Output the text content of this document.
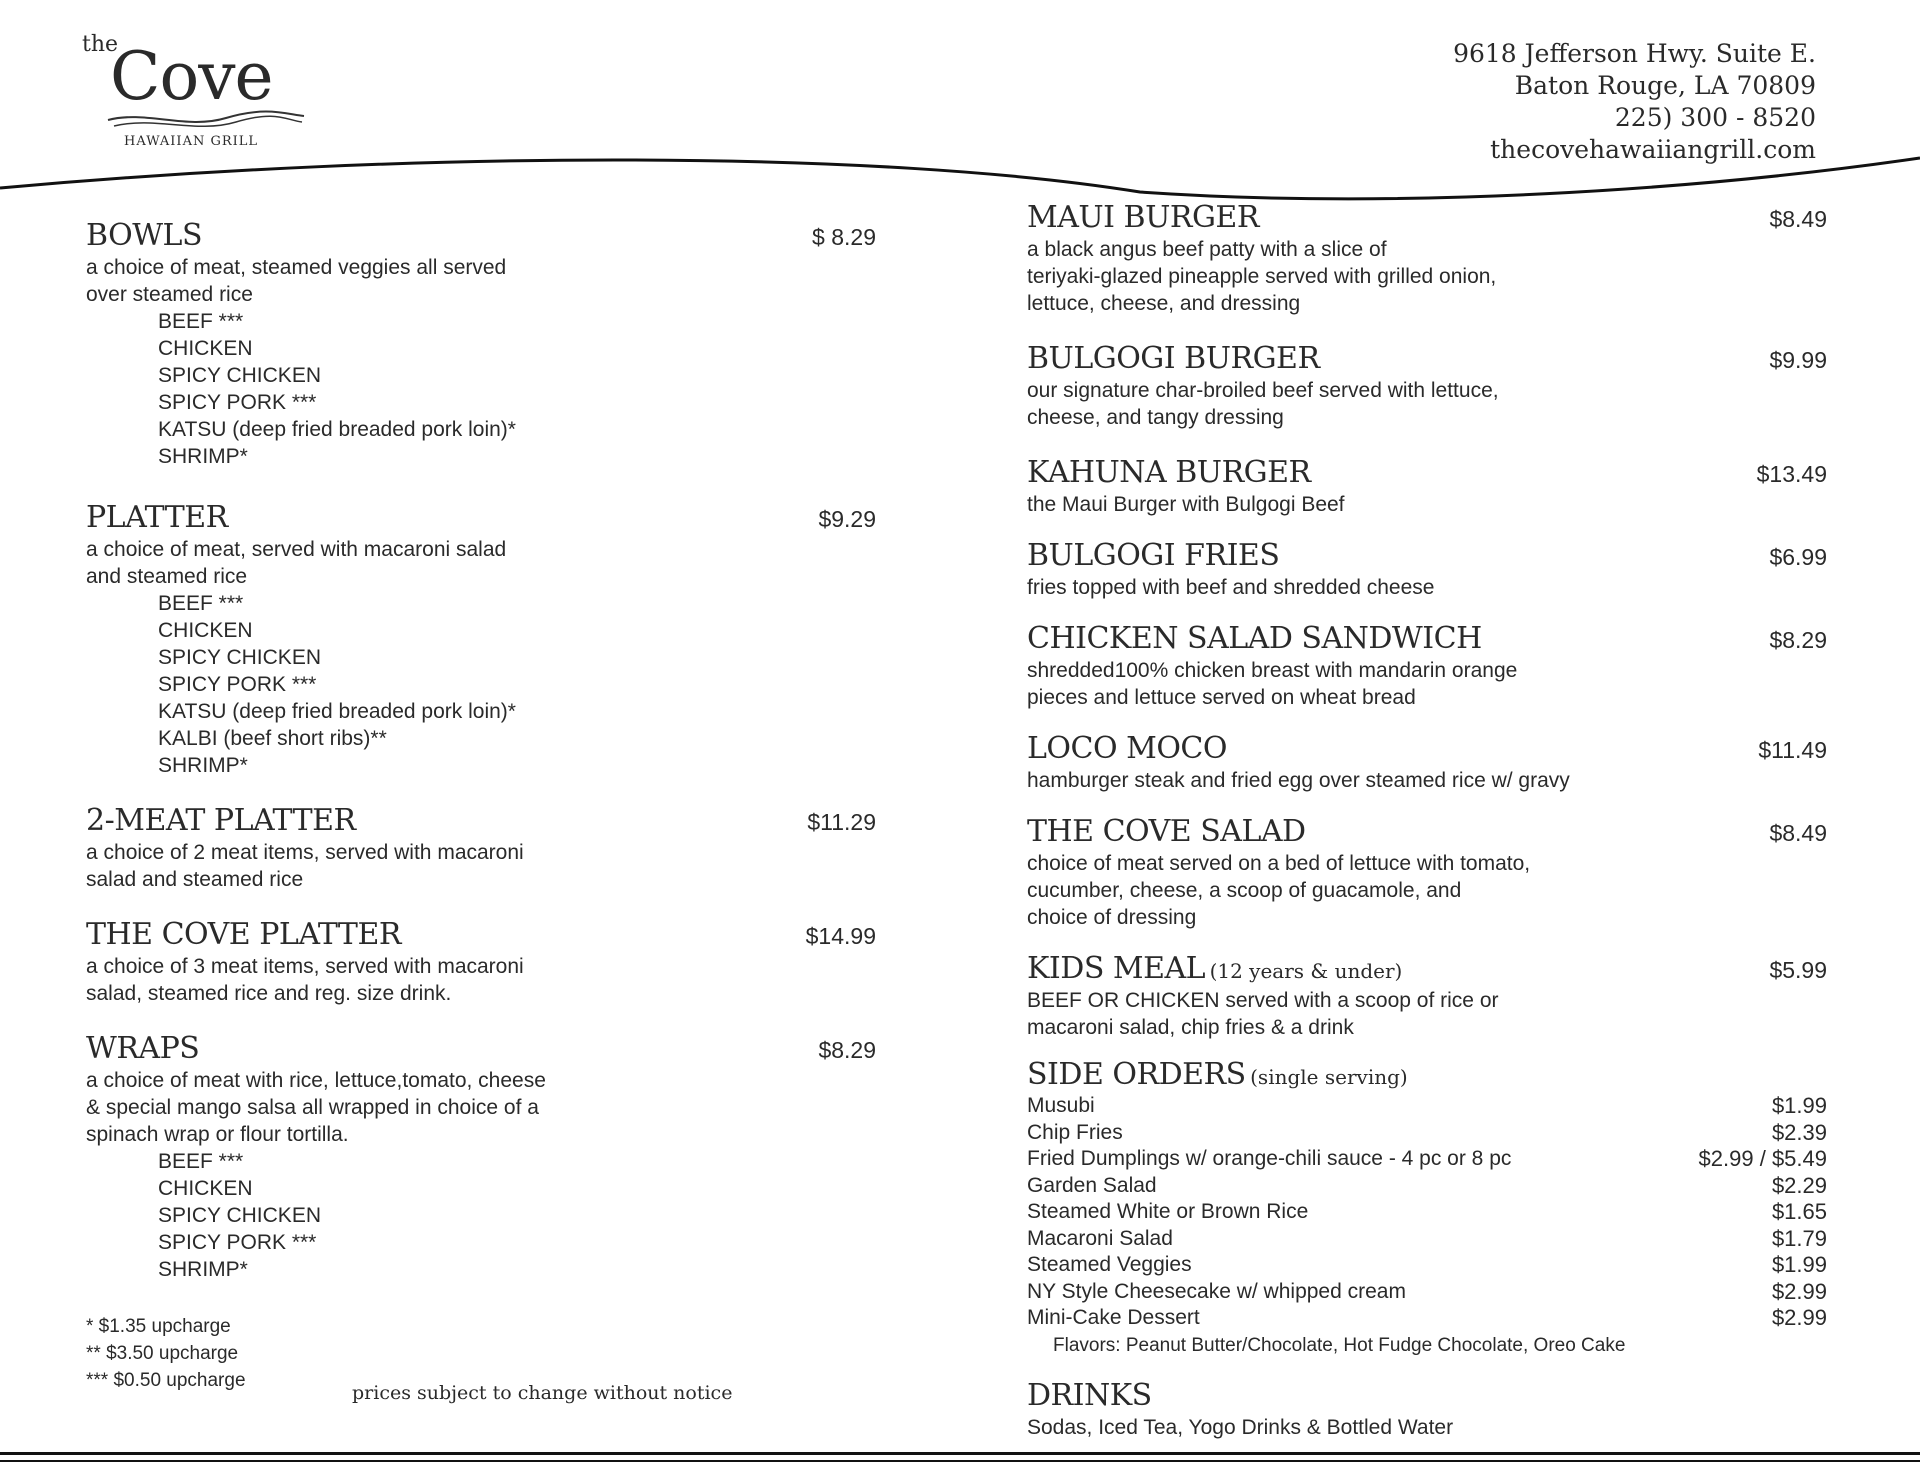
the
Cove
HAWAIIAN GRILL
9618 Jefferson Hwy. Suite E.
Baton Rouge, LA 70809
225) 300 - 8520
thecovehawaiiangrill.com
BOWLS	$ 8.29
a choice of meat, steamed veggies all served
over steamed rice
BEEF ***
CHICKEN
SPICY CHICKEN
SPICY PORK ***
KATSU (deep fried breaded pork loin)*
SHRIMP*
PLATTER	$9.29
a choice of meat, served with macaroni salad
and steamed rice
BEEF ***
CHICKEN
SPICY CHICKEN
SPICY PORK ***
KATSU (deep fried breaded pork loin)*
KALBI (beef short ribs)**
SHRIMP*
2-MEAT PLATTER	$11.29
a choice of 2 meat items, served with macaroni
salad and steamed rice
THE COVE PLATTER	$14.99
a choice of 3 meat items, served with macaroni
salad, steamed rice and reg. size drink.
WRAPS	$8.29
a choice of meat with rice, lettuce,tomato, cheese
& special mango salsa all wrapped in choice of a
spinach wrap or flour tortilla.
BEEF ***
CHICKEN
SPICY CHICKEN
SPICY PORK ***
SHRIMP*
* $1.35 upcharge
** $3.50 upcharge
*** $0.50 upcharge
prices subject to change without notice
MAUI BURGER	$8.49
a black angus beef patty with a slice of
teriyaki-glazed pineapple served with grilled onion,
lettuce, cheese, and dressing
BULGOGI BURGER	$9.99
our signature char-broiled beef served with lettuce,
cheese, and tangy dressing
KAHUNA BURGER	$13.49
the Maui Burger with Bulgogi Beef
BULGOGI FRIES	$6.99
fries topped with beef and shredded cheese
CHICKEN SALAD SANDWICH	$8.29
shredded100% chicken breast with mandarin orange
pieces and lettuce served on wheat bread
LOCO MOCO	$11.49
hamburger steak and fried egg over steamed rice w/ gravy
THE COVE SALAD	$8.49
choice of meat served on a bed of lettuce with tomato,
cucumber, cheese, a scoop of guacamole, and
choice of dressing
KIDS MEAL (12 years & under)	$5.99
BEEF OR CHICKEN served with a scoop of rice or
macaroni salad, chip fries & a drink
SIDE ORDERS (single serving)
Musubi	$1.99
Chip Fries	$2.39
Fried Dumplings w/ orange-chili sauce - 4 pc or 8 pc	$2.99 / $5.49
Garden Salad	$2.29
Steamed White or Brown Rice	$1.65
Macaroni Salad	$1.79
Steamed Veggies	$1.99
NY Style Cheesecake w/ whipped cream	$2.99
Mini-Cake Dessert	$2.99
Flavors: Peanut Butter/Chocolate, Hot Fudge Chocolate, Oreo Cake
DRINKS
Sodas, Iced Tea, Yogo Drinks & Bottled Water
